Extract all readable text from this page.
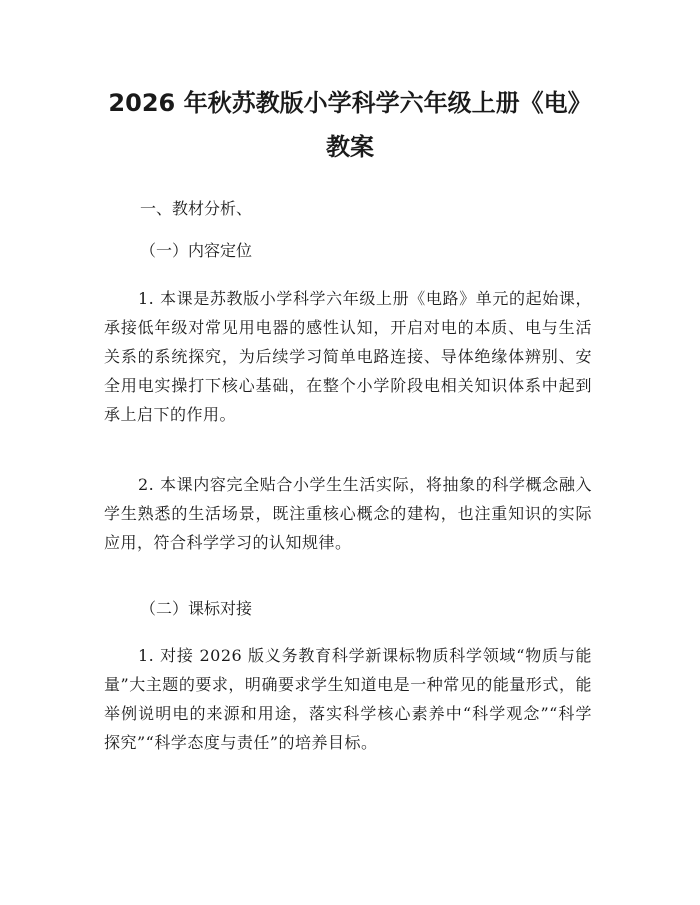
2026 年秋苏教版小学科学六年级上册《电》
教案

一、教材分析、

（一）内容定位

1. 本课是苏教版小学科学六年级上册《电路》单元的起始课，承接低年级对常见用电器的感性认知，开启对电的本质、电与生活关系的系统探究，为后续学习简单电路连接、导体绝缘体辨别、安全用电实操打下核心基础，在整个小学阶段电相关知识体系中起到承上启下的作用。

2. 本课内容完全贴合小学生生活实际，将抽象的科学概念融入学生熟悉的生活场景，既注重核心概念的建构，也注重知识的实际应用，符合科学学习的认知规律。

（二）课标对接

1. 对接 2026 版义务教育科学新课标物质科学领域“物质与能量”大主题的要求，明确要求学生知道电是一种常见的能量形式，能举例说明电的来源和用途，落实科学核心素养中“科学观念”“科学探究”“科学态度与责任”的培养目标。
